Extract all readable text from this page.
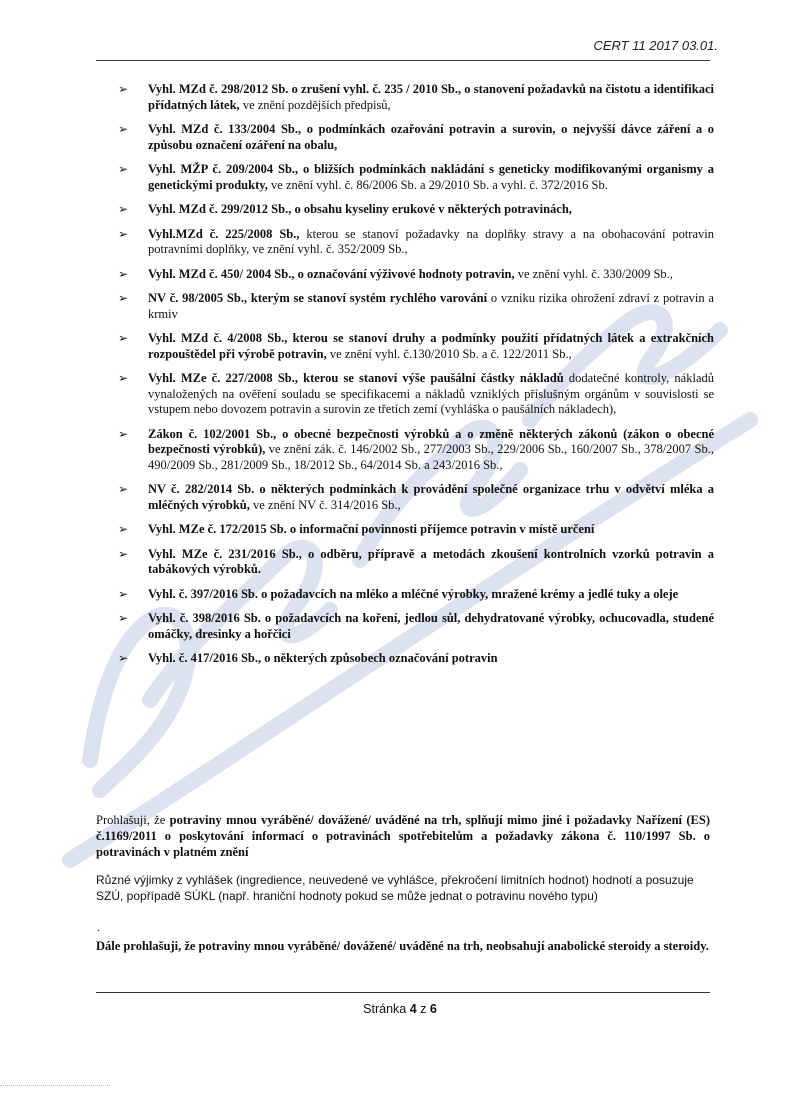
CERT 11 2017 03.01.
➢ Vyhl. MZd č. 298/2012 Sb. o zrušení vyhl. č. 235 / 2010 Sb., o stanovení požadavků na čistotu a identifikaci přídatných látek, ve znění pozdějších předpisů,
➢ Vyhl. MZd č. 133/2004 Sb., o podmínkách ozařování potravin a surovin, o nejvyšší dávce záření a o způsobu označení ozáření na obalu,
➢ Vyhl. MŽP č. 209/2004 Sb., o bližších podmínkách nakládání s geneticky modifikovanými organismy a genetickými produkty, ve znění vyhl. č. 86/2006 Sb. a 29/2010 Sb. a vyhl. č. 372/2016 Sb.
➢ Vyhl. MZd č. 299/2012 Sb., o obsahu kyseliny erukové v některých potravinách,
➢ Vyhl.MZd č. 225/2008 Sb., kterou se stanoví požadavky na doplňky stravy a na obohacování potravin potravními doplňky, ve znění vyhl. č. 352/2009 Sb.,
➢ Vyhl. MZd č. 450/ 2004 Sb., o označování výživové hodnoty potravin, ve znění vyhl. č. 330/2009 Sb.,
➢ NV č. 98/2005 Sb., kterým se stanoví systém rychlého varování o vzniku rizika ohrožení zdraví z potravin a krmiv
➢ Vyhl. MZd č. 4/2008 Sb., kterou se stanoví druhy a podmínky použití přídatných látek a extrakčních rozpouštědel při výrobě potravin, ve znění vyhl. č.130/2010 Sb. a č. 122/2011 Sb.,
➢ Vyhl. MZe č. 227/2008 Sb., kterou se stanoví výše paušální částky nákladů dodatečné kontroly, nákladů vynaložených na ověření souladu se specifikacemi a nákladů vzniklých příslušným orgánům v souvislosti se vstupem nebo dovozem potravin a surovin ze třetích zemí (vyhláška o paušálních nákladech),
➢ Zákon č. 102/2001 Sb., o obecné bezpečnosti výrobků a o změně některých zákonů (zákon o obecné bezpečnosti výrobků), ve znění zák. č. 146/2002 Sb., 277/2003 Sb., 229/2006 Sb., 160/2007 Sb., 378/2007 Sb., 490/2009 Sb., 281/2009 Sb., 18/2012 Sb., 64/2014 Sb. a 243/2016 Sb.,
➢ NV č. 282/2014 Sb. o některých podmínkách k provádění společné organizace trhu v odvětví mléka a mléčných výrobků, ve znění NV č. 314/2016 Sb.,
➢ Vyhl. MZe č. 172/2015 Sb. o informační povinnosti příjemce potravin v místě určení
➢ Vyhl. MZe č. 231/2016 Sb., o odběru, přípravě a metodách zkoušení kontrolních vzorků potravin a tabákových výrobků.
➢ Vyhl. č. 397/2016 Sb. o požadavcích na mléko a mléčné výrobky, mražené krémy a jedlé tuky a oleje
➢ Vyhl. č. 398/2016 Sb. o požadavcích na koření, jedlou sůl, dehydratované výrobky, ochucovadla, studené omáčky, dresinky a hořčici
➢ Vyhl. č. 417/2016 Sb., o některých způsobech označování potravin
Prohlašuji, že potraviny mnou vyráběné/ dovážené/ uváděné na trh, splňují mimo jiné i požadavky Nařízení (ES) č.1169/2011 o poskytování informací o potravinách spotřebitelům a požadavky zákona č. 110/1997 Sb. o potravinách v platném znění
Různé výjimky z vyhlášek (ingredience, neuvedené ve vyhlášce, překročení limitních hodnot) hodnotí a posuzuje SZÚ, popřípadě SÚKL (např. hraniční hodnoty pokud se může jednat o potravinu nového typu)
.
Dále prohlašuji, že potraviny mnou vyráběné/ dovážené/ uváděné na trh, neobsahují anabolické steroidy a steroidy.
Stránka 4 z 6
